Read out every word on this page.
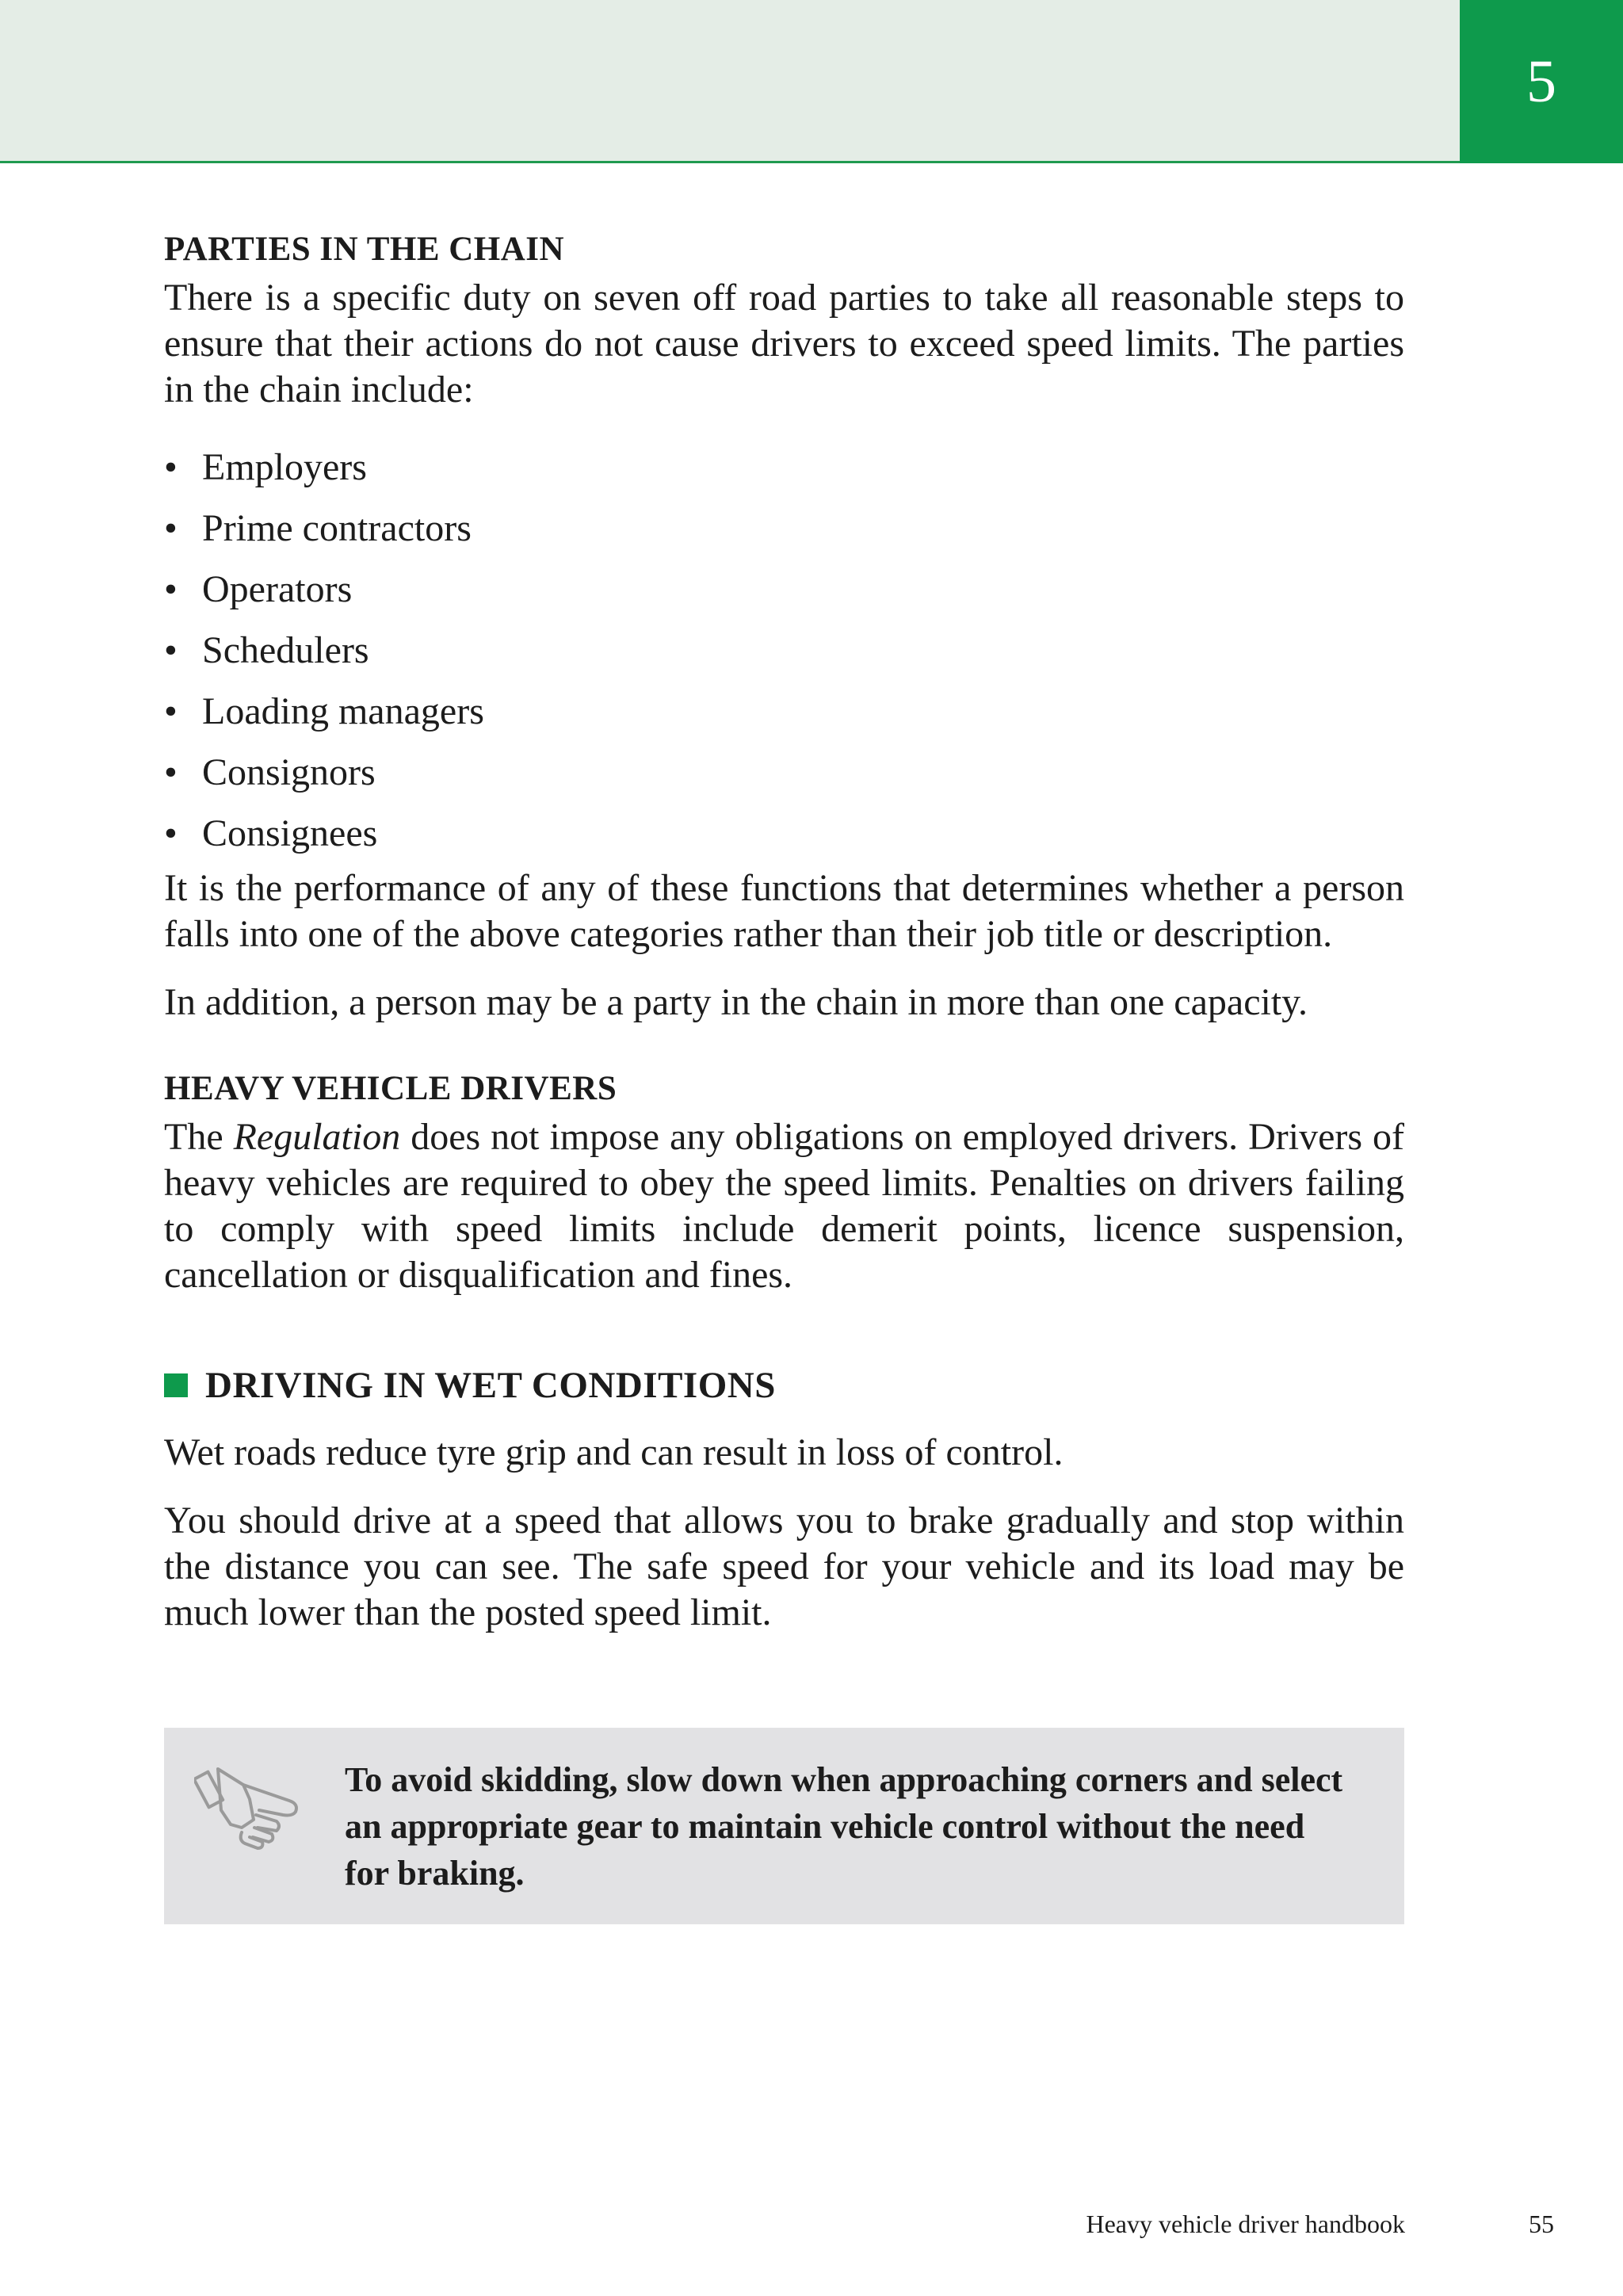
5
PARTIES IN THE CHAIN

There is a specific duty on seven off road parties to take all reasonable steps to ensure that their actions do not cause drivers to exceed speed limits. The parties in the chain include:

• Employers
• Prime contractors
• Operators
• Schedulers
• Loading managers
• Consignors
• Consignees

It is the performance of any of these functions that determines whether a person falls into one of the above categories rather than their job title or description.

In addition, a person may be a party in the chain in more than one capacity.

HEAVY VEHICLE DRIVERS

The Regulation does not impose any obligations on employed drivers. Drivers of heavy vehicles are required to obey the speed limits. Penalties on drivers failing to comply with speed limits include demerit points, licence suspension, cancellation or disqualification and fines.

DRIVING IN WET CONDITIONS

Wet roads reduce tyre grip and can result in loss of control.

You should drive at a speed that allows you to brake gradually and stop within the distance you can see. The safe speed for your vehicle and its load may be much lower than the posted speed limit.

To avoid skidding, slow down when approaching corners and select an appropriate gear to maintain vehicle control without the need for braking.

Heavy vehicle driver handbook	55
